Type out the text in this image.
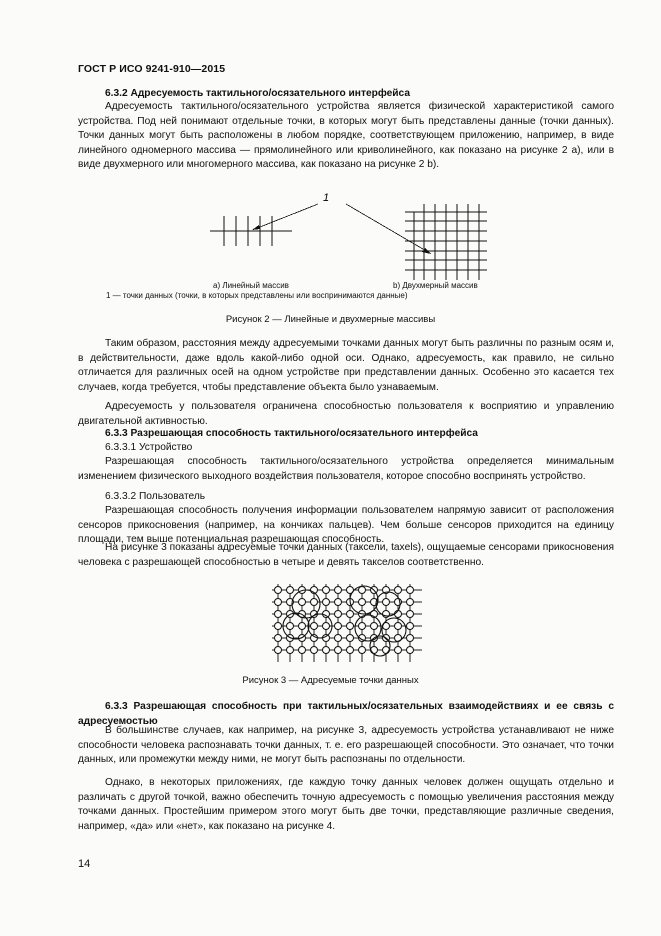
ГОСТ Р ИСО 9241-910—2015
6.3.2 Адресуемость тактильного/осязательного интерфейса
Адресуемость тактильного/осязательного устройства является физической характеристикой самого устройства. Под ней понимают отдельные точки, в которых могут быть представлены данные (точки данных). Точки данных могут быть расположены в любом порядке, соответствующем приложению, например, в виде линейного одномерного массива — прямолинейного или криволинейного, как показано на рисунке 2 а), или в виде двухмерного или многомерного массива, как показано на рисунке 2 b).
1
а) Линейный массив	b) Двухмерный массив
1 — точки данных (точки, в которых представлены или воспринимаются данные)
Рисунок 2 — Линейные и двухмерные массивы
Таким образом, расстояния между адресуемыми точками данных могут быть различны по разным осям и, в действительности, даже вдоль какой-либо одной оси. Однако, адресуемость, как правило, не сильно отличается для различных осей на одном устройстве при представлении данных. Особенно это касается тех случаев, когда требуется, чтобы представление объекта было узнаваемым.
Адресуемость у пользователя ограничена способностью пользователя к восприятию и управлению двигательной активностью.
6.3.3 Разрешающая способность тактильного/осязательного интерфейса
6.3.3.1 Устройство
Разрешающая способность тактильного/осязательного устройства определяется минимальным изменением физического выходного воздействия пользователя, которое способно воспринять устройство.
6.3.3.2 Пользователь
Разрешающая способность получения информации пользователем напрямую зависит от расположения сенсоров прикосновения (например, на кончиках пальцев). Чем больше сенсоров приходится на единицу площади, тем выше потенциальная разрешающая способность.
На рисунке 3 показаны адресуемые точки данных (таксели, taxels), ощущаемые сенсорами прикосновения человека с разрешающей способностью в четыре и девять такселов соответственно.
Рисунок 3 — Адресуемые точки данных
6.3.3 Разрешающая способность при тактильных/осязательных взаимодействиях и ее связь с адресуемостью
В большинстве случаев, как например, на рисунке 3, адресуемость устройства устанавливают не ниже способности человека распознавать точки данных, т. е. его разрешающей способности. Это означает, что точки данных, или промежутки между ними, не могут быть распознаны по отдельности.
Однако, в некоторых приложениях, где каждую точку данных человек должен ощущать отдельно и различать с другой точкой, важно обеспечить точную адресуемость с помощью увеличения расстояния между точками данных. Простейшим примером этого могут быть две точки, представляющие различные сведения, например, «да» или «нет», как показано на рисунке 4.
14
